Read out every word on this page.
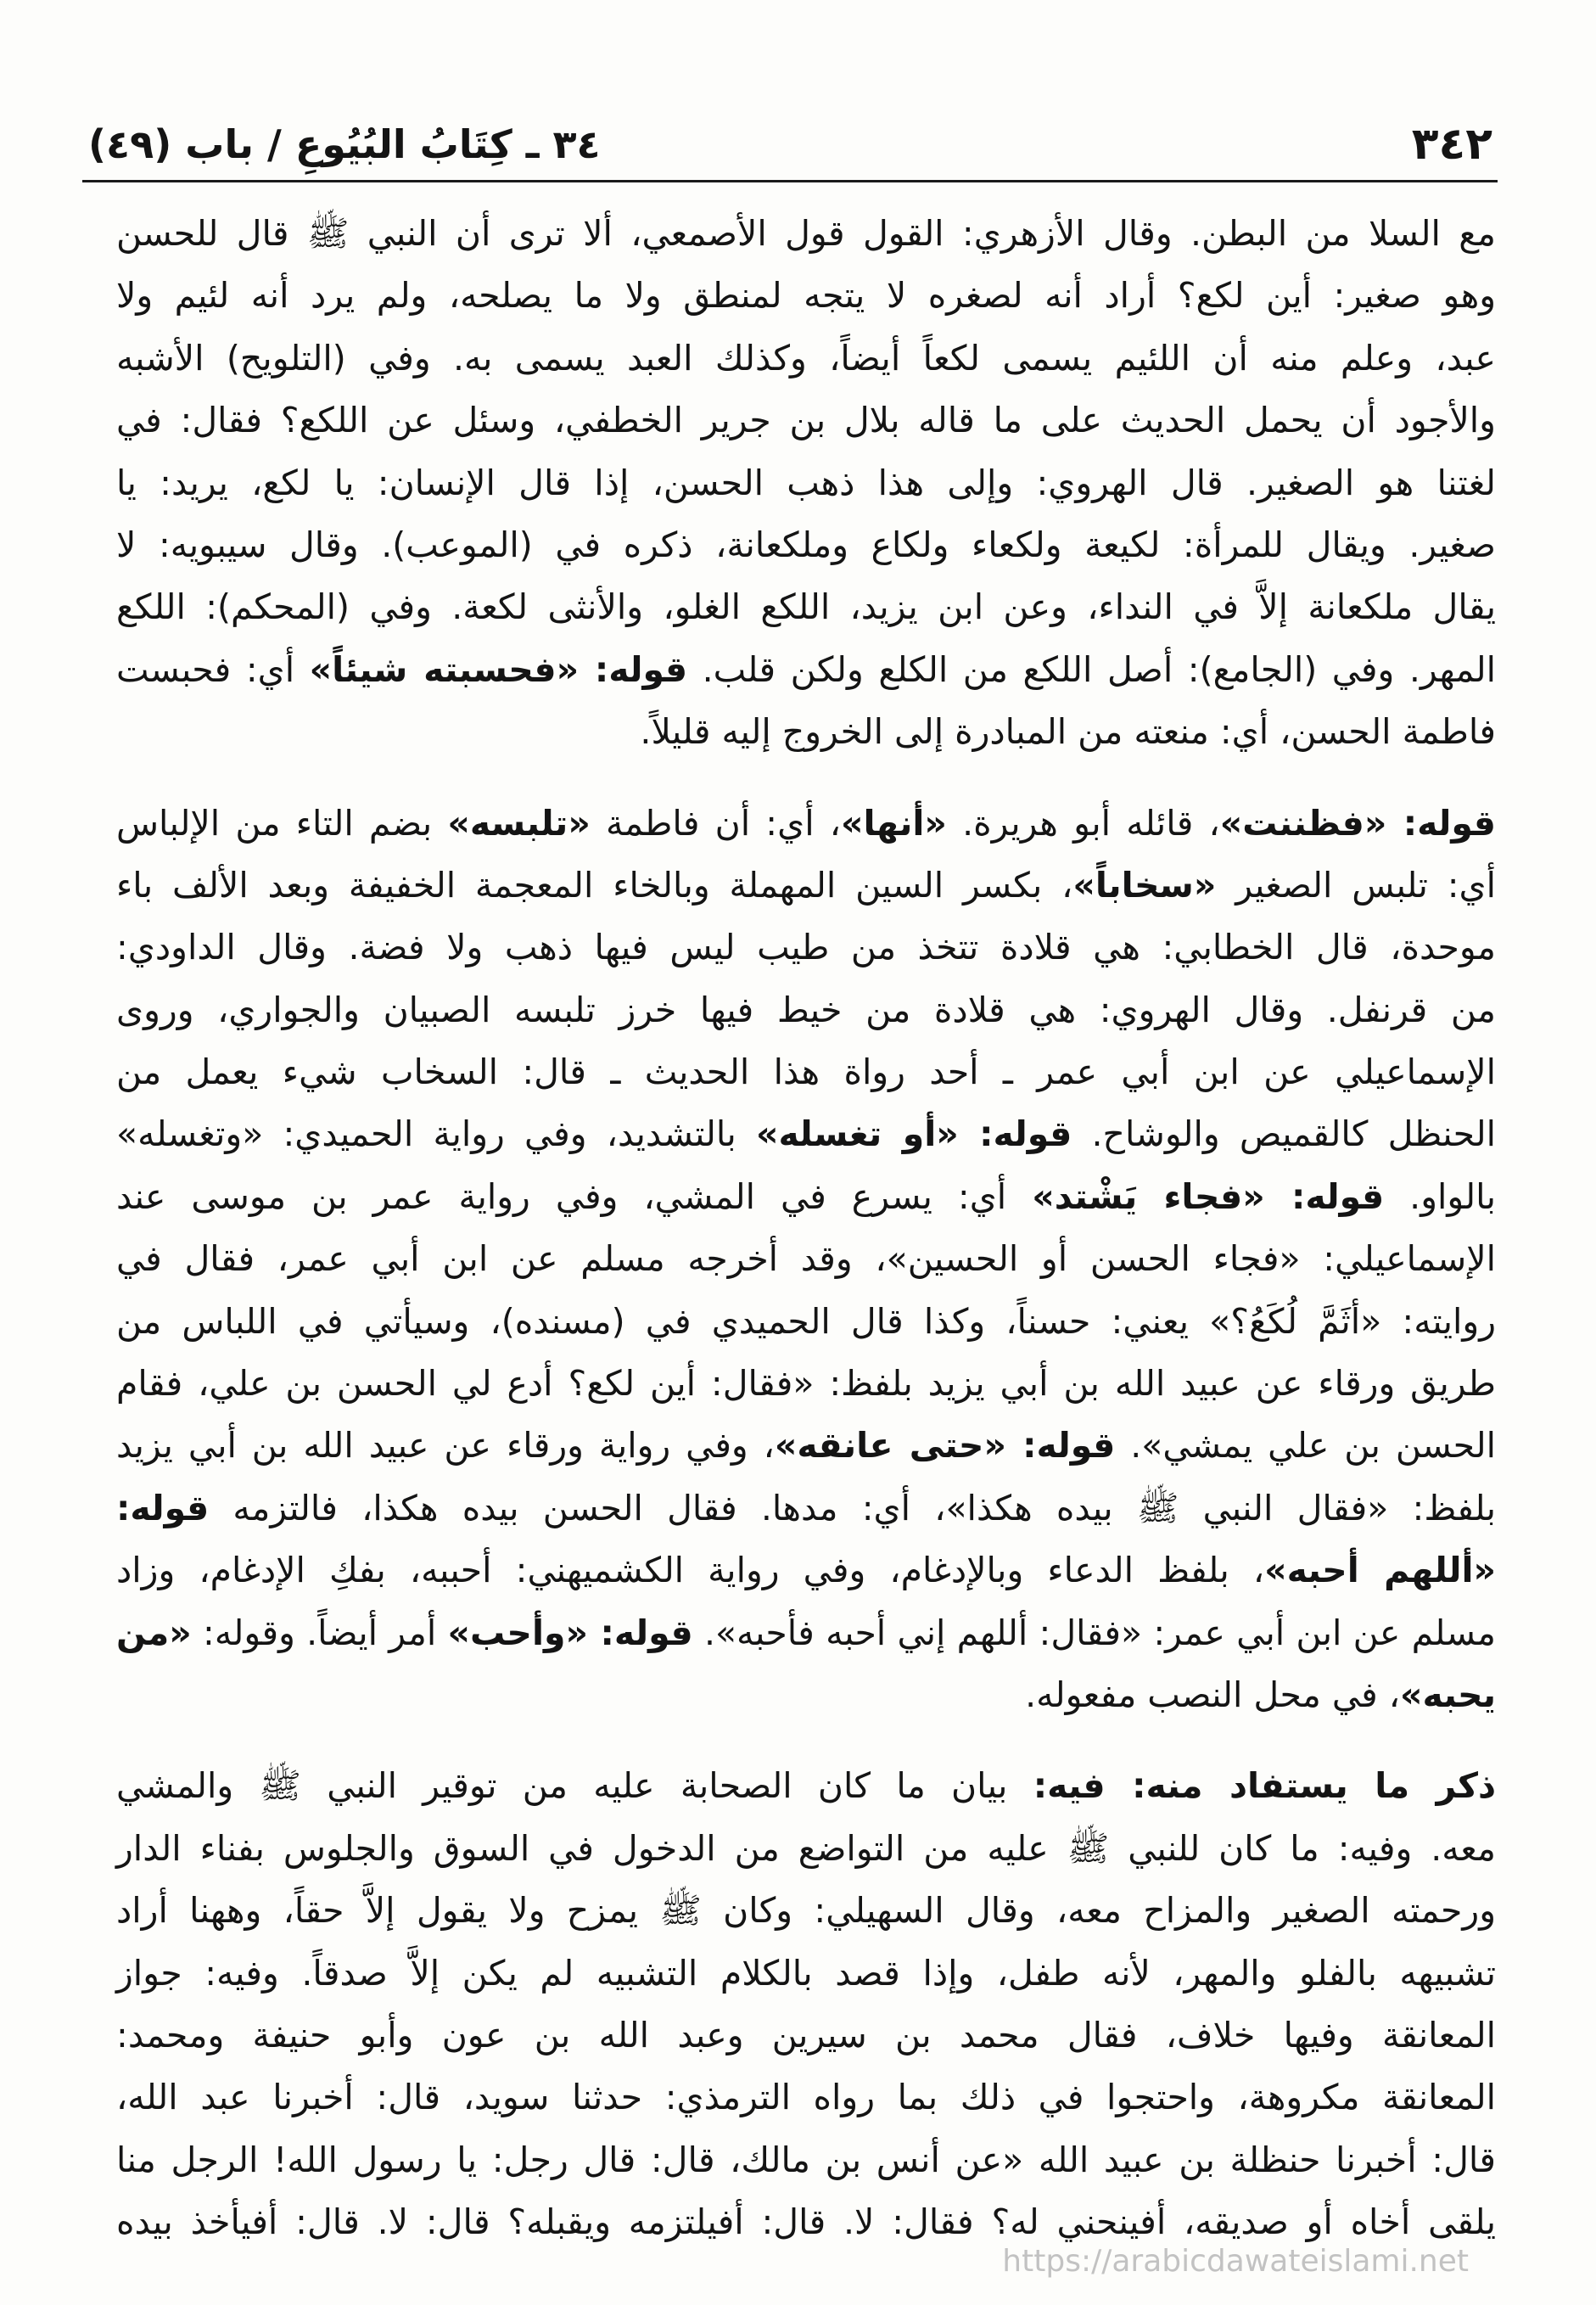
٣٤٢
٣٤ ـ كِتَابُ البُيُوعِ / باب (٤٩)
مع السلا من البطن. وقال الأزهري: القول قول الأصمعي، ألا ترى أن النبي ﷺ قال للحسن
وهو صغير: أين لكع؟ أراد أنه لصغره لا يتجه لمنطق ولا ما يصلحه، ولم يرد أنه لئيم ولا
عبد، وعلم منه أن اللئيم يسمى لكعاً أيضاً، وكذلك العبد يسمى به. وفي (التلويح) الأشبه
والأجود أن يحمل الحديث على ما قاله بلال بن جرير الخطفي، وسئل عن اللكع؟ فقال: في
لغتنا هو الصغير. قال الهروي: وإلى هذا ذهب الحسن، إذا قال الإنسان: يا لكع، يريد: يا
صغير. ويقال للمرأة: لكيعة ولكعاء ولكاع وملكعانة، ذكره في (الموعب). وقال سيبويه: لا
يقال ملكعانة إلاَّ في النداء، وعن ابن يزيد، اللكع الغلو، والأنثى لكعة. وفي (المحكم): اللكع
المهر. وفي (الجامع): أصل اللكع من الكلع ولكن قلب. قوله: «فحسبته شيئاً» أي: فحبست
فاطمة الحسن، أي: منعته من المبادرة إلى الخروج إليه قليلاً.
قوله: «فظننت»، قائله أبو هريرة. «أنها»، أي: أن فاطمة «تلبسه» بضم التاء من الإلباس
أي: تلبس الصغير «سخاباً»، بكسر السين المهملة وبالخاء المعجمة الخفيفة وبعد الألف باء
موحدة، قال الخطابي: هي قلادة تتخذ من طيب ليس فيها ذهب ولا فضة. وقال الداودي:
من قرنفل. وقال الهروي: هي قلادة من خيط فيها خرز تلبسه الصبيان والجواري، وروى
الإسماعيلي عن ابن أبي عمر ـ أحد رواة هذا الحديث ـ قال: السخاب شيء يعمل من
الحنظل كالقميص والوشاح. قوله: «أو تغسله» بالتشديد، وفي رواية الحميدي: «وتغسله»
بالواو. قوله: «فجاء يَشْتد» أي: يسرع في المشي، وفي رواية عمر بن موسى عند
الإسماعيلي: «فجاء الحسن أو الحسين»، وقد أخرجه مسلم عن ابن أبي عمر، فقال في
روايته: «أثَمَّ لُكَعُ؟» يعني: حسناً، وكذا قال الحميدي في (مسنده)، وسيأتي في اللباس من
طريق ورقاء عن عبيد الله بن أبي يزيد بلفظ: «فقال: أين لكع؟ أدع لي الحسن بن علي، فقام
الحسن بن علي يمشي». قوله: «حتى عانقه»، وفي رواية ورقاء عن عبيد الله بن أبي يزيد
بلفظ: «فقال النبي ﷺ بيده هكذا»، أي: مدها. فقال الحسن بيده هكذا، فالتزمه قوله:
«أللهم أحبه»، بلفظ الدعاء وبالإدغام، وفي رواية الكشميهني: أحببه، بفكِ الإدغام، وزاد
مسلم عن ابن أبي عمر: «فقال: أللهم إني أحبه فأحبه». قوله: «وأحب» أمر أيضاً. وقوله: «من
يحبه»، في محل النصب مفعوله.
ذكر ما يستفاد منه: فيه: بيان ما كان الصحابة عليه من توقير النبي ﷺ والمشي
معه. وفيه: ما كان للنبي ﷺ عليه من التواضع من الدخول في السوق والجلوس بفناء الدار
ورحمته الصغير والمزاح معه، وقال السهيلي: وكان ﷺ يمزح ولا يقول إلاَّ حقاً، وههنا أراد
تشبيهه بالفلو والمهر، لأنه طفل، وإذا قصد بالكلام التشبيه لم يكن إلاَّ صدقاً. وفيه: جواز
المعانقة وفيها خلاف، فقال محمد بن سيرين وعبد الله بن عون وأبو حنيفة ومحمد:
المعانقة مكروهة، واحتجوا في ذلك بما رواه الترمذي: حدثنا سويد، قال: أخبرنا عبد الله،
قال: أخبرنا حنظلة بن عبيد الله «عن أنس بن مالك، قال: قال رجل: يا رسول الله! الرجل منا
يلقى أخاه أو صديقه، أفينحني له؟ فقال: لا. قال: أفيلتزمه ويقبله؟ قال: لا. قال: أفيأخذ بيده
https://arabicdawateislami.net
